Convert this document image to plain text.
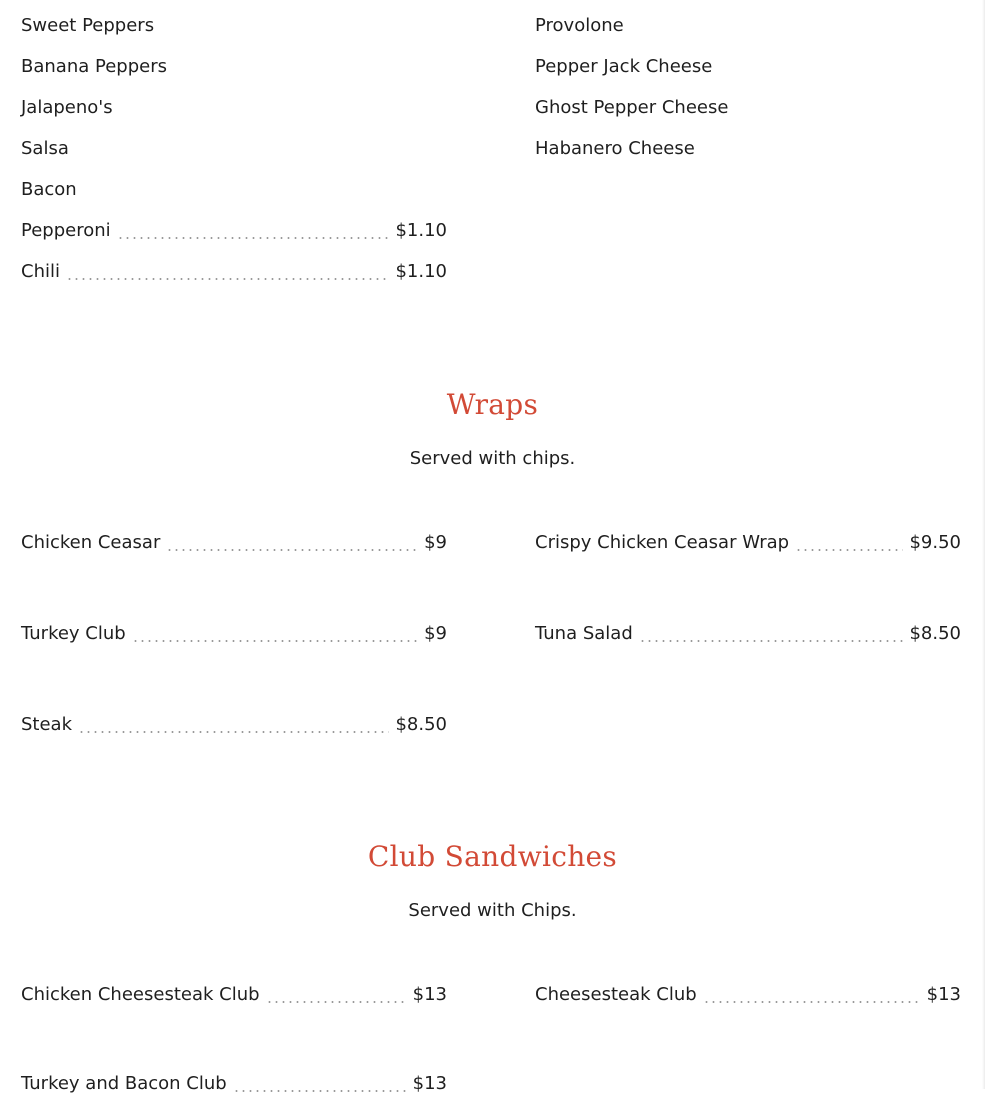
Sweet Peppers
Banana Peppers
Jalapeno's
Salsa
Bacon
Pepperoni	$1.10
Chili	$1.10
Provolone
Pepper Jack Cheese
Ghost Pepper Cheese
Habanero Cheese
Wraps
Served with chips.
Chicken Ceasar	$9
Turkey Club	$9
Steak	$8.50
Crispy Chicken Ceasar Wrap	$9.50
Tuna Salad	$8.50
Club Sandwiches
Served with Chips.
Chicken Cheesesteak Club	$13
Turkey and Bacon Club	$13
Cheesesteak Club	$13
